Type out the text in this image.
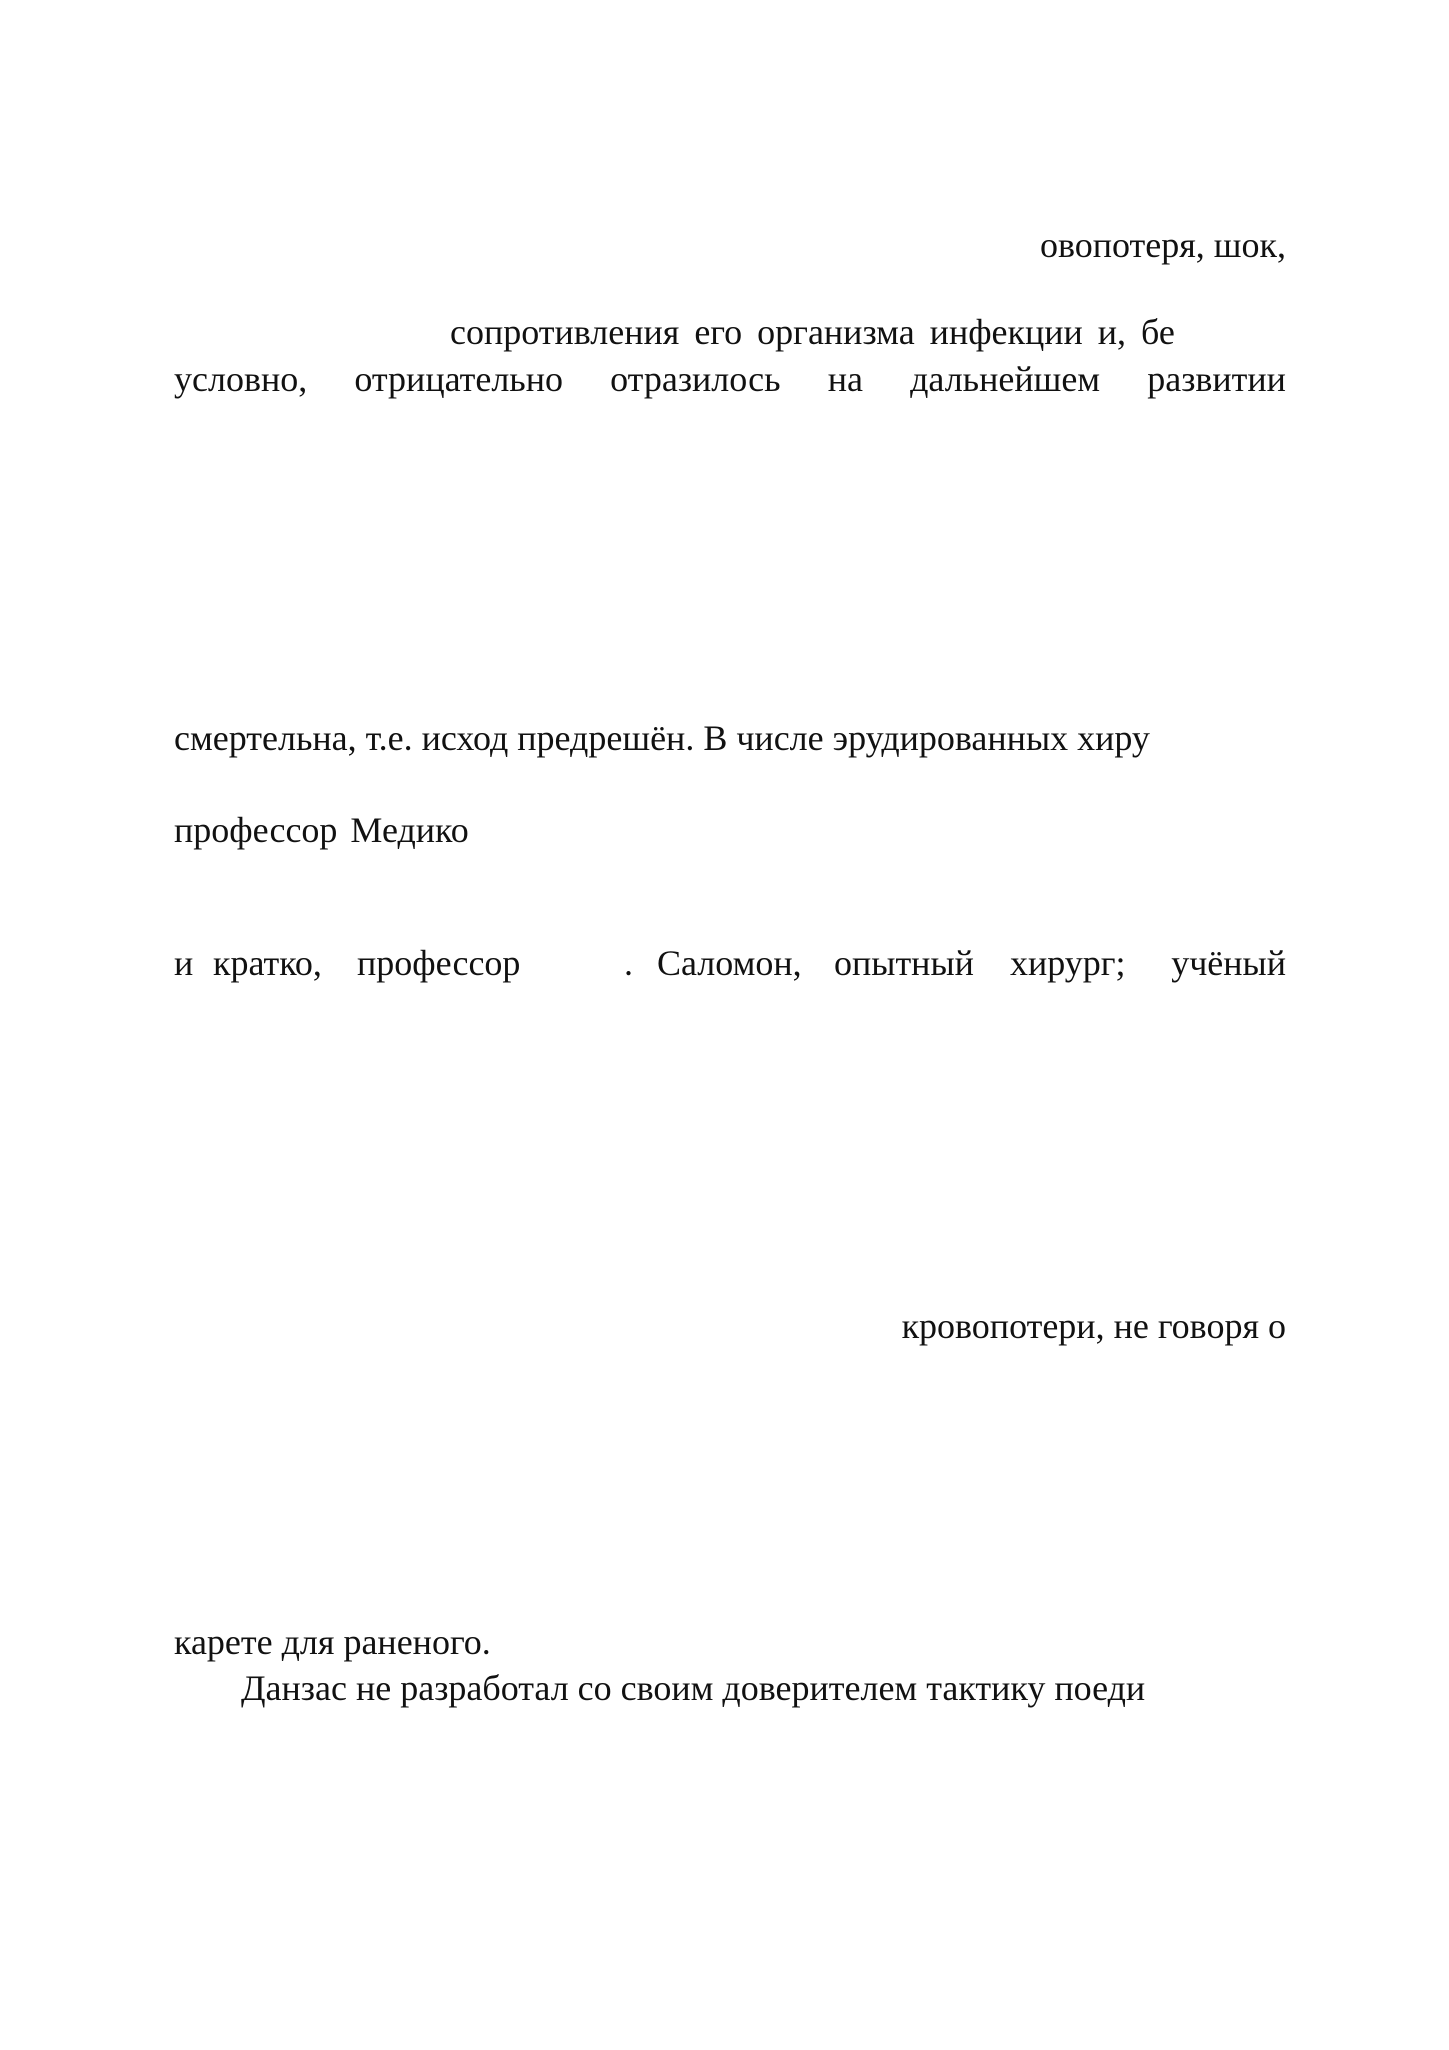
овопотеря, шок,
сопротивления его организма инфекции и, бе
условно, отрицательно отразилось на дальнейшем развитии
смертельна, т.е. исход предрешён. В числе эрудированных хиру
профессор Медико
и кратко, профессор	. Саломон, опытный хирург; учёный
кровопотери, не говоря о
карете для раненого.
Данзас не разработал со своим доверителем тактику поеди
